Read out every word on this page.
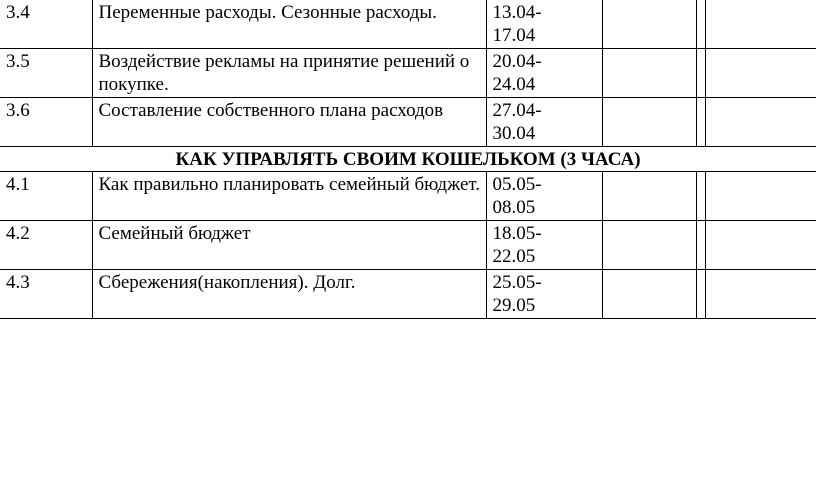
3.4	Переменные расходы. Сезонные расходы.	13.04-
17.04			
3.5	Воздействие рекламы на принятие решений о покупке.	20.04-
24.04			
3.6	Составление собственного плана расходов	27.04-
30.04			
КАК УПРАВЛЯТЬ СВОИМ КОШЕЛЬКОМ (3 ЧАСА)					
4.1	Как правильно планировать семейный бюджет.	05.05-
08.05			
4.2	Семейный бюджет	18.05-
22.05			
4.3	Сбережения(накопления). Долг.	25.05-
29.05			
